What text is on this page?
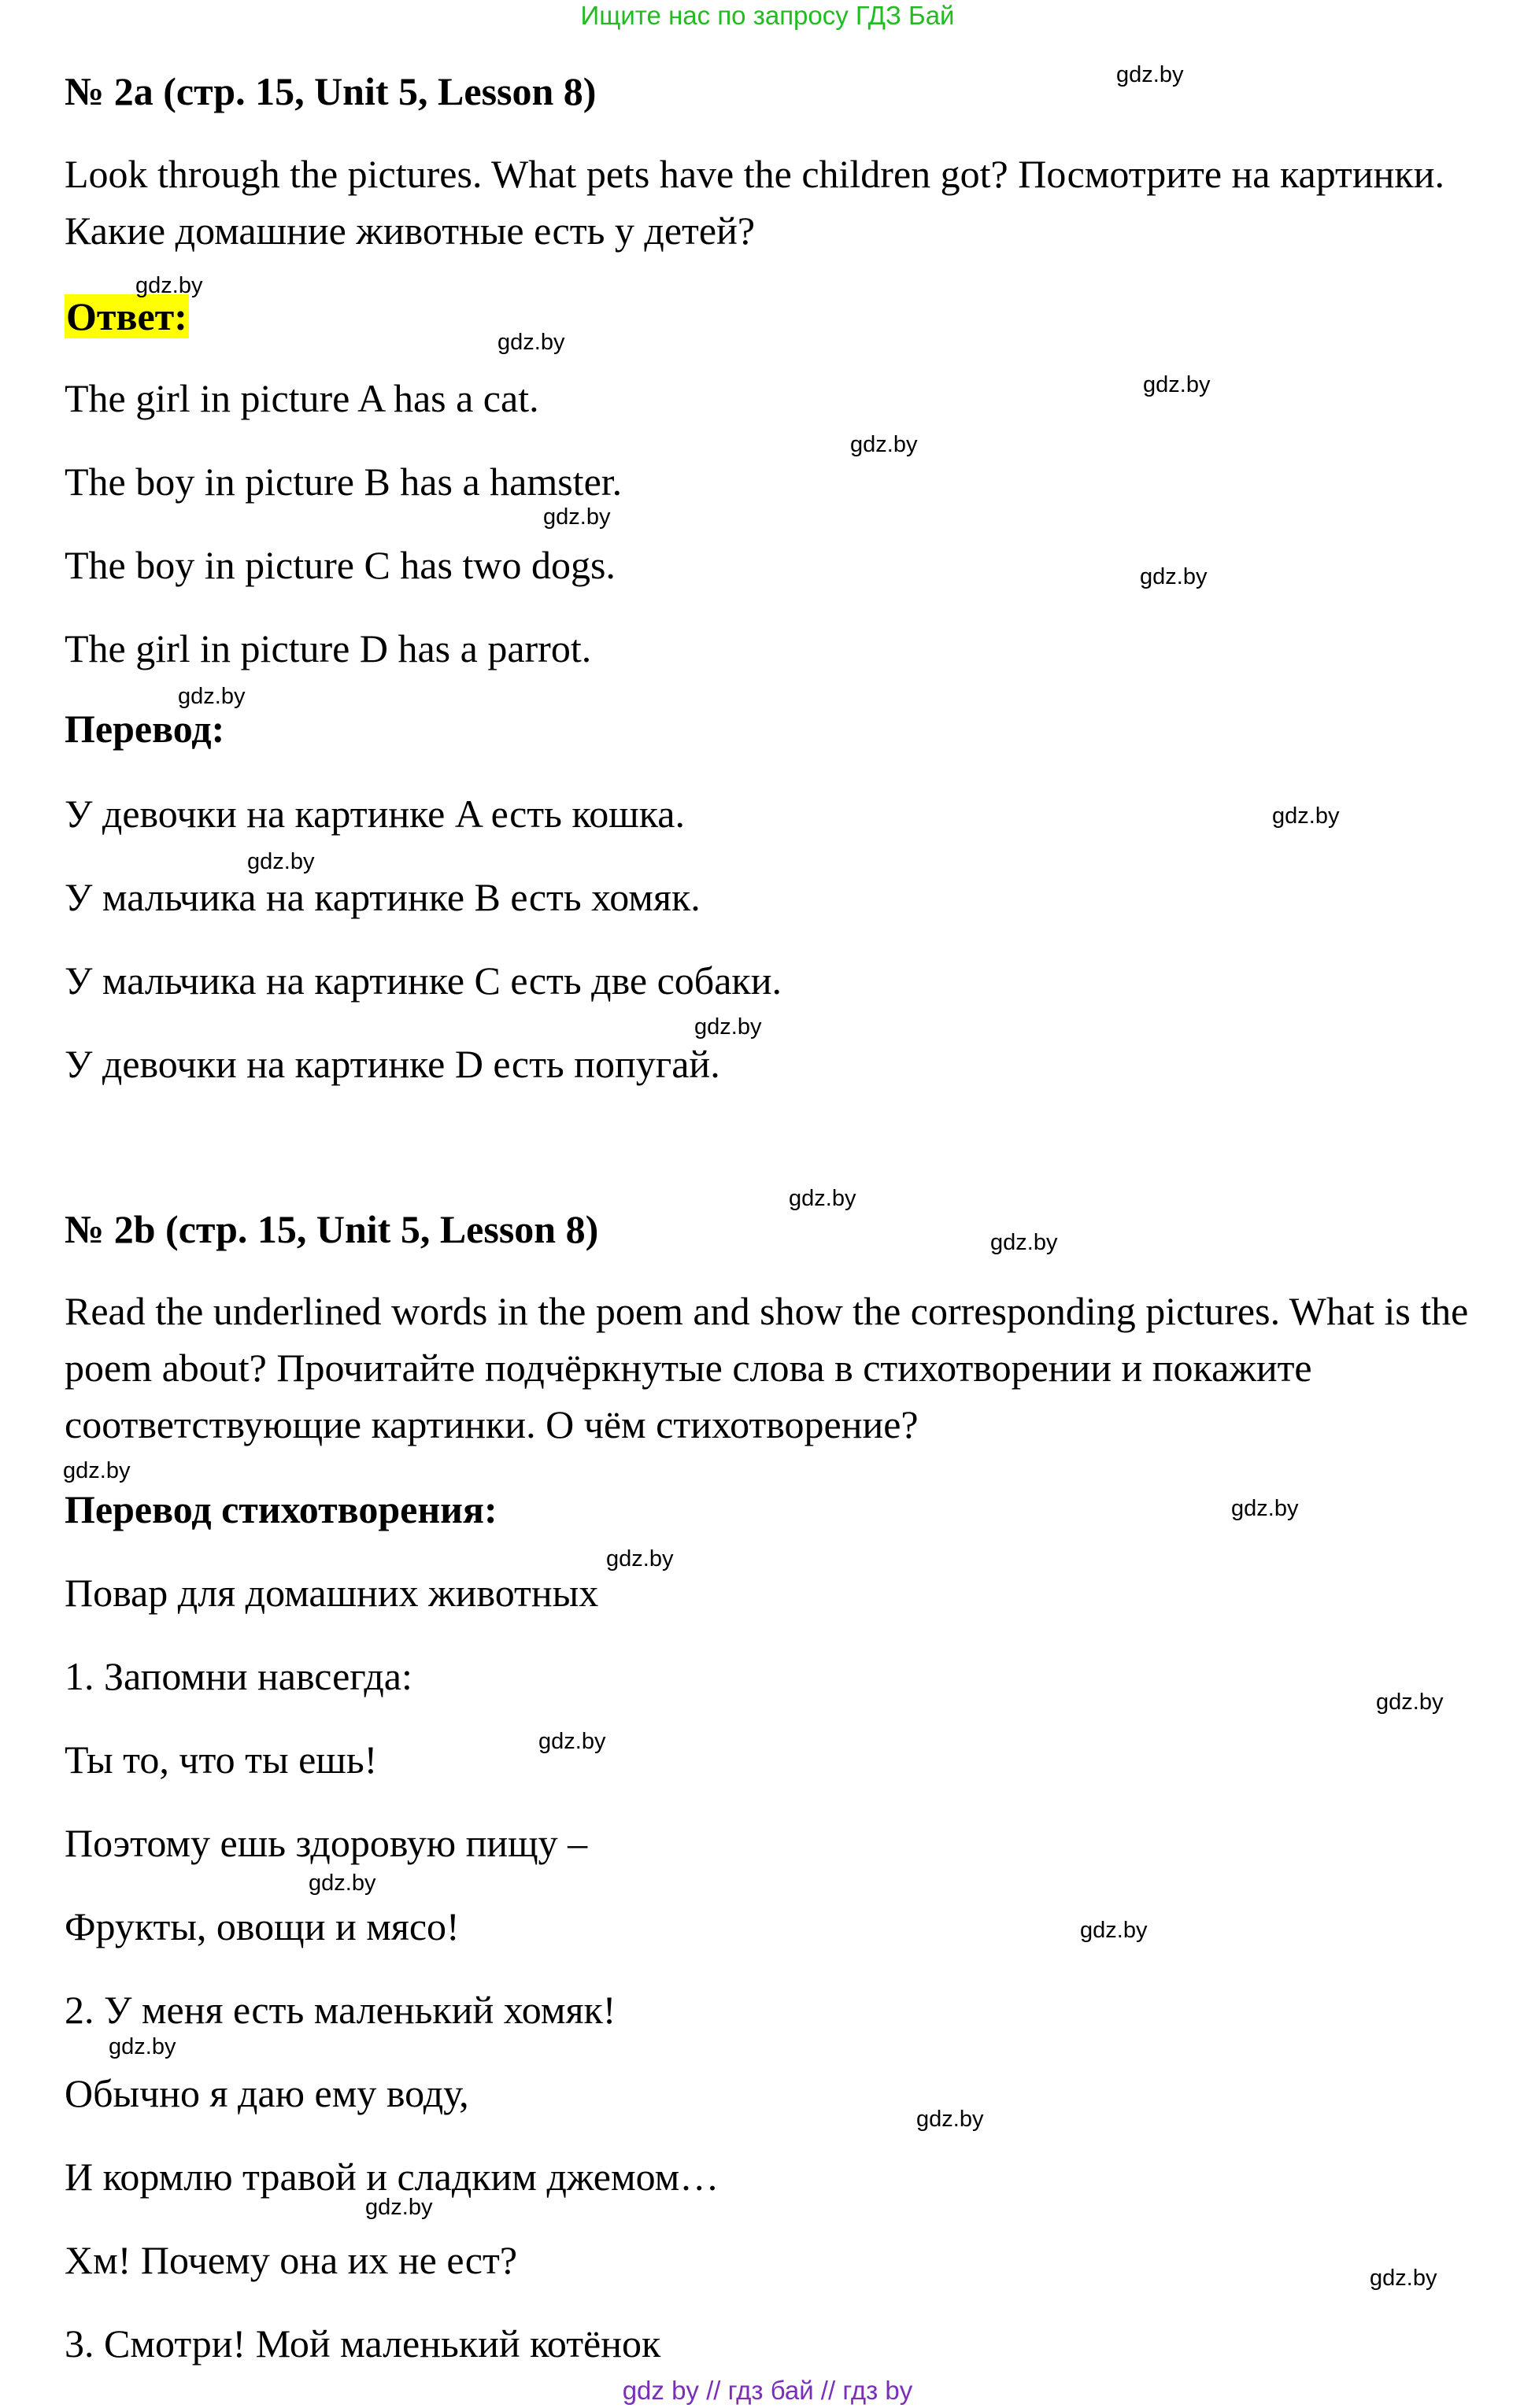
Ищите нас по запросу ГДЗ Бай
№ 2a (стр. 15, Unit 5, Lesson 8)
Look through the pictures. What pets have the children got? Посмотрите на картинки. Какие домашние животные есть у детей?
Ответ:
The girl in picture A has a cat.
The boy in picture B has a hamster.
The boy in picture C has two dogs.
The girl in picture D has a parrot.
Перевод:
У девочки на картинке A есть кошка.
У мальчика на картинке B есть хомяк.
У мальчика на картинке C есть две собаки.
У девочки на картинке D есть попугай.
№ 2b (стр. 15, Unit 5, Lesson 8)
Read the underlined words in the poem and show the corresponding pictures. What is the poem about? Прочитайте подчёркнутые слова в стихотворении и покажите соответствующие картинки. О чём стихотворение?
Перевод стихотворения:
Повар для домашних животных
1. Запомни навсегда:
Ты то, что ты ешь!
Поэтому ешь здоровую пищу –
Фрукты, овощи и мясо!
2. У меня есть маленький хомяк!
Обычно я даю ему воду,
И кормлю травой и сладким джемом…
Хм! Почему она их не ест?
3. Смотри! Мой маленький котёнок
gdz.by
gdz.by
gdz.by
gdz.by
gdz.by
gdz.by
gdz.by
gdz.by
gdz.by
gdz.by
gdz.by
gdz.by
gdz.by
gdz.by
gdz.by
gdz.by
gdz.by
gdz.by
gdz.by
gdz.by
gdz.by
gdz.by
gdz.by
gdz.by
gdz by // гдз бай // гдз by
